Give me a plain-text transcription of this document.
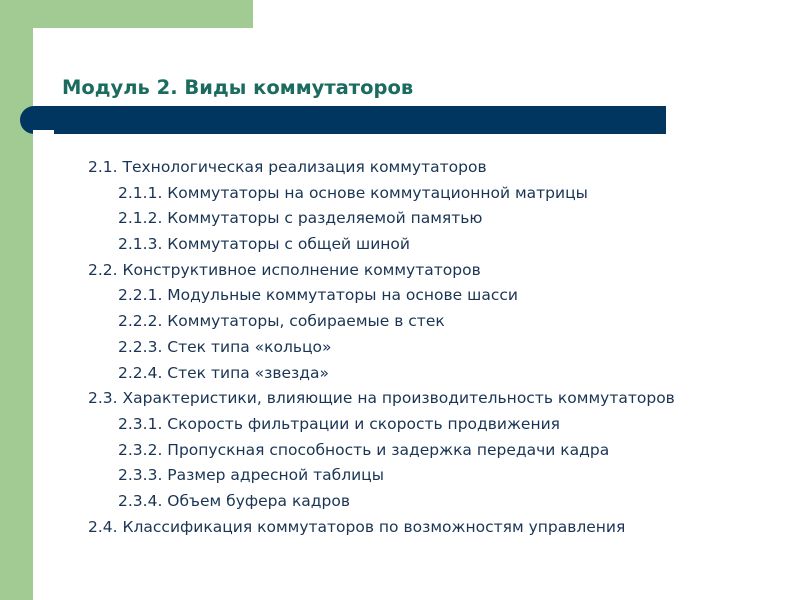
Модуль 2. Виды коммутаторов
2.1. Технологическая реализация коммутаторов
2.1.1. Коммутаторы на основе коммутационной матрицы
2.1.2. Коммутаторы с разделяемой памятью
2.1.3. Коммутаторы с общей шиной
2.2. Конструктивное исполнение коммутаторов
2.2.1. Модульные коммутаторы на основе шасси
2.2.2. Коммутаторы, собираемые в стек
2.2.3. Стек типа «кольцо»
2.2.4. Стек типа «звезда»
2.3. Характеристики, влияющие на производительность коммутаторов
2.3.1. Скорость фильтрации и скорость продвижения
2.3.2. Пропускная способность и задержка передачи кадра
2.3.3. Размер адресной таблицы
2.3.4. Объем буфера кадров
2.4. Классификация коммутаторов по возможностям управления
